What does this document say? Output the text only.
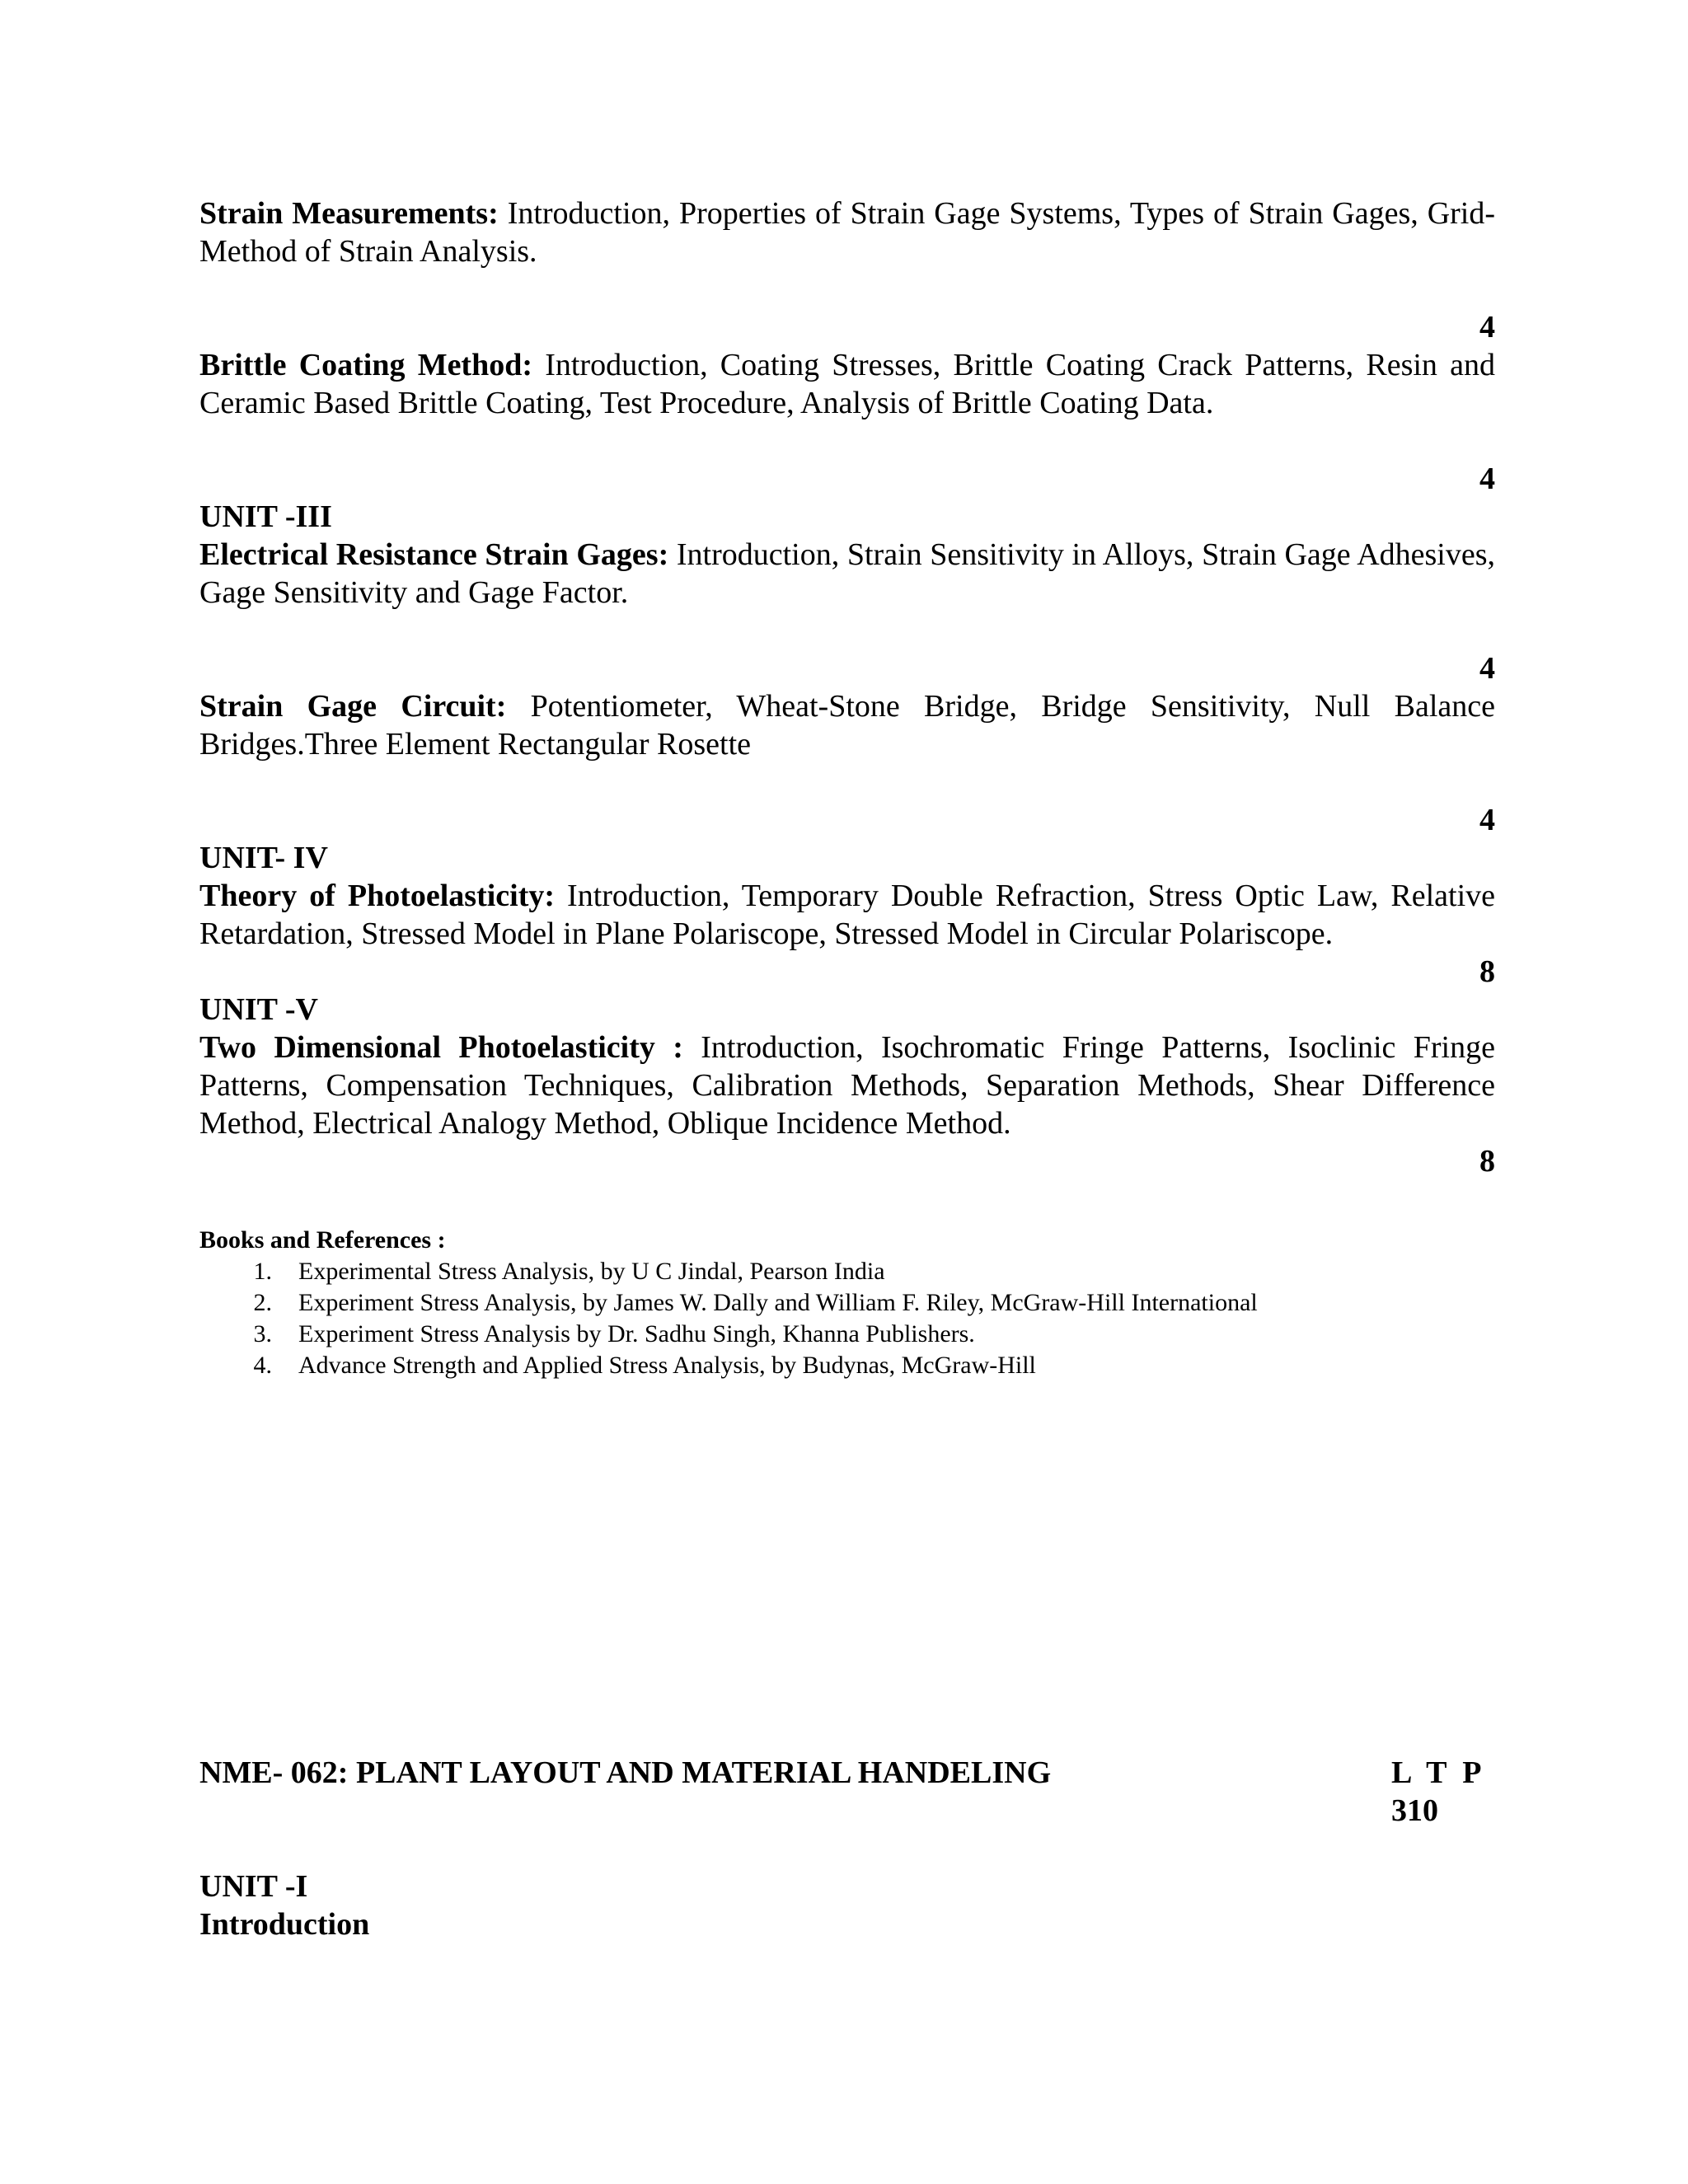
Strain Measurements: Introduction, Properties of Strain Gage Systems, Types of Strain Gages, Grid- Method of Strain Analysis.

4

Brittle Coating Method: Introduction, Coating Stresses, Brittle Coating Crack Patterns, Resin and Ceramic Based Brittle Coating, Test Procedure, Analysis of Brittle Coating Data.

4

UNIT -III

Electrical Resistance Strain Gages: Introduction, Strain Sensitivity in Alloys, Strain Gage Adhesives, Gage Sensitivity and Gage Factor.

4

Strain Gage Circuit: Potentiometer, Wheat-Stone Bridge, Bridge Sensitivity, Null Balance Bridges.Three Element Rectangular Rosette

4

UNIT- IV

Theory of Photoelasticity: Introduction, Temporary Double Refraction, Stress Optic Law, Relative Retardation, Stressed Model in Plane Polariscope, Stressed Model in Circular Polariscope.

8

UNIT -V

Two Dimensional Photoelasticity : Introduction, Isochromatic Fringe Patterns, Isoclinic Fringe Patterns, Compensation Techniques, Calibration Methods, Separation Methods, Shear Difference Method, Electrical Analogy Method, Oblique Incidence Method.

8

Books and References :

1.	Experimental Stress Analysis, by U C Jindal, Pearson India
2.	Experiment Stress Analysis, by James W. Dally and William F. Riley, McGraw-Hill International
3.	Experiment Stress Analysis by Dr. Sadhu Singh, Khanna Publishers.
4.	Advance Strength and Applied Stress Analysis, by Budynas, McGraw-Hill
NME- 062: PLANT LAYOUT AND MATERIAL HANDELING	L T P
310
UNIT -I
Introduction
